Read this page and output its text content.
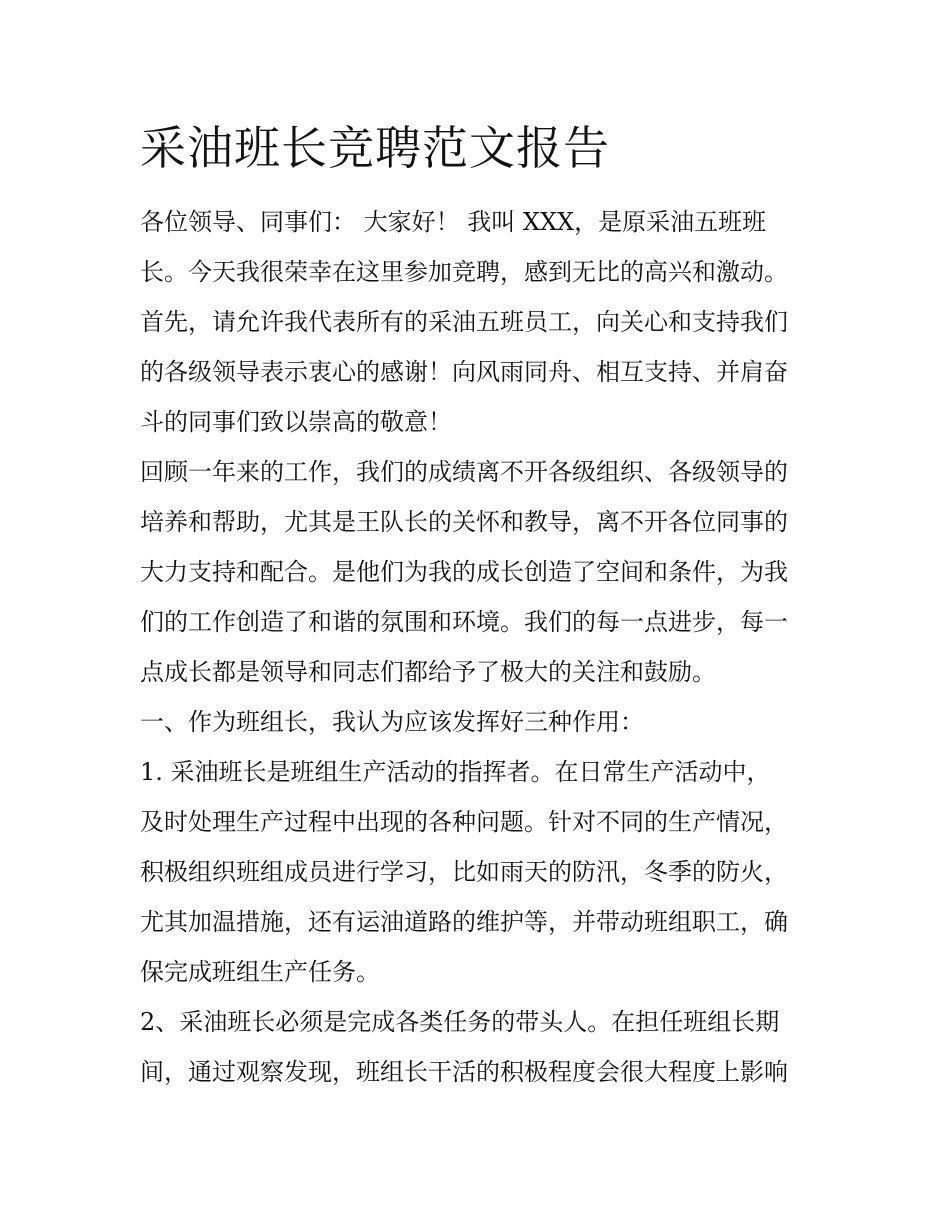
采油班长竞聘范文报告
各位领导、同事们： 大家好！ 我叫 XXX，是原采油五班班
长。今天我很荣幸在这里参加竞聘，感到无比的高兴和激动。
首先，请允许我代表所有的采油五班员工，向关心和支持我们
的各级领导表示衷心的感谢！向风雨同舟、相互支持、并肩奋
斗的同事们致以崇高的敬意！
回顾一年来的工作，我们的成绩离不开各级组织、各级领导的
培养和帮助，尤其是王队长的关怀和教导，离不开各位同事的
大力支持和配合。是他们为我的成长创造了空间和条件，为我
们的工作创造了和谐的氛围和环境。我们的每一点进步，每一
点成长都是领导和同志们都给予了极大的关注和鼓励。
一、作为班组长，我认为应该发挥好三种作用：
1. 采油班长是班组生产活动的指挥者。在日常生产活动中，
及时处理生产过程中出现的各种问题。针对不同的生产情况，
积极组织班组成员进行学习，比如雨天的防汛，冬季的防火，
尤其加温措施，还有运油道路的维护等，并带动班组职工，确
保完成班组生产任务。
2、采油班长必须是完成各类任务的带头人。在担任班组长期
间，通过观察发现，班组长干活的积极程度会很大程度上影响
